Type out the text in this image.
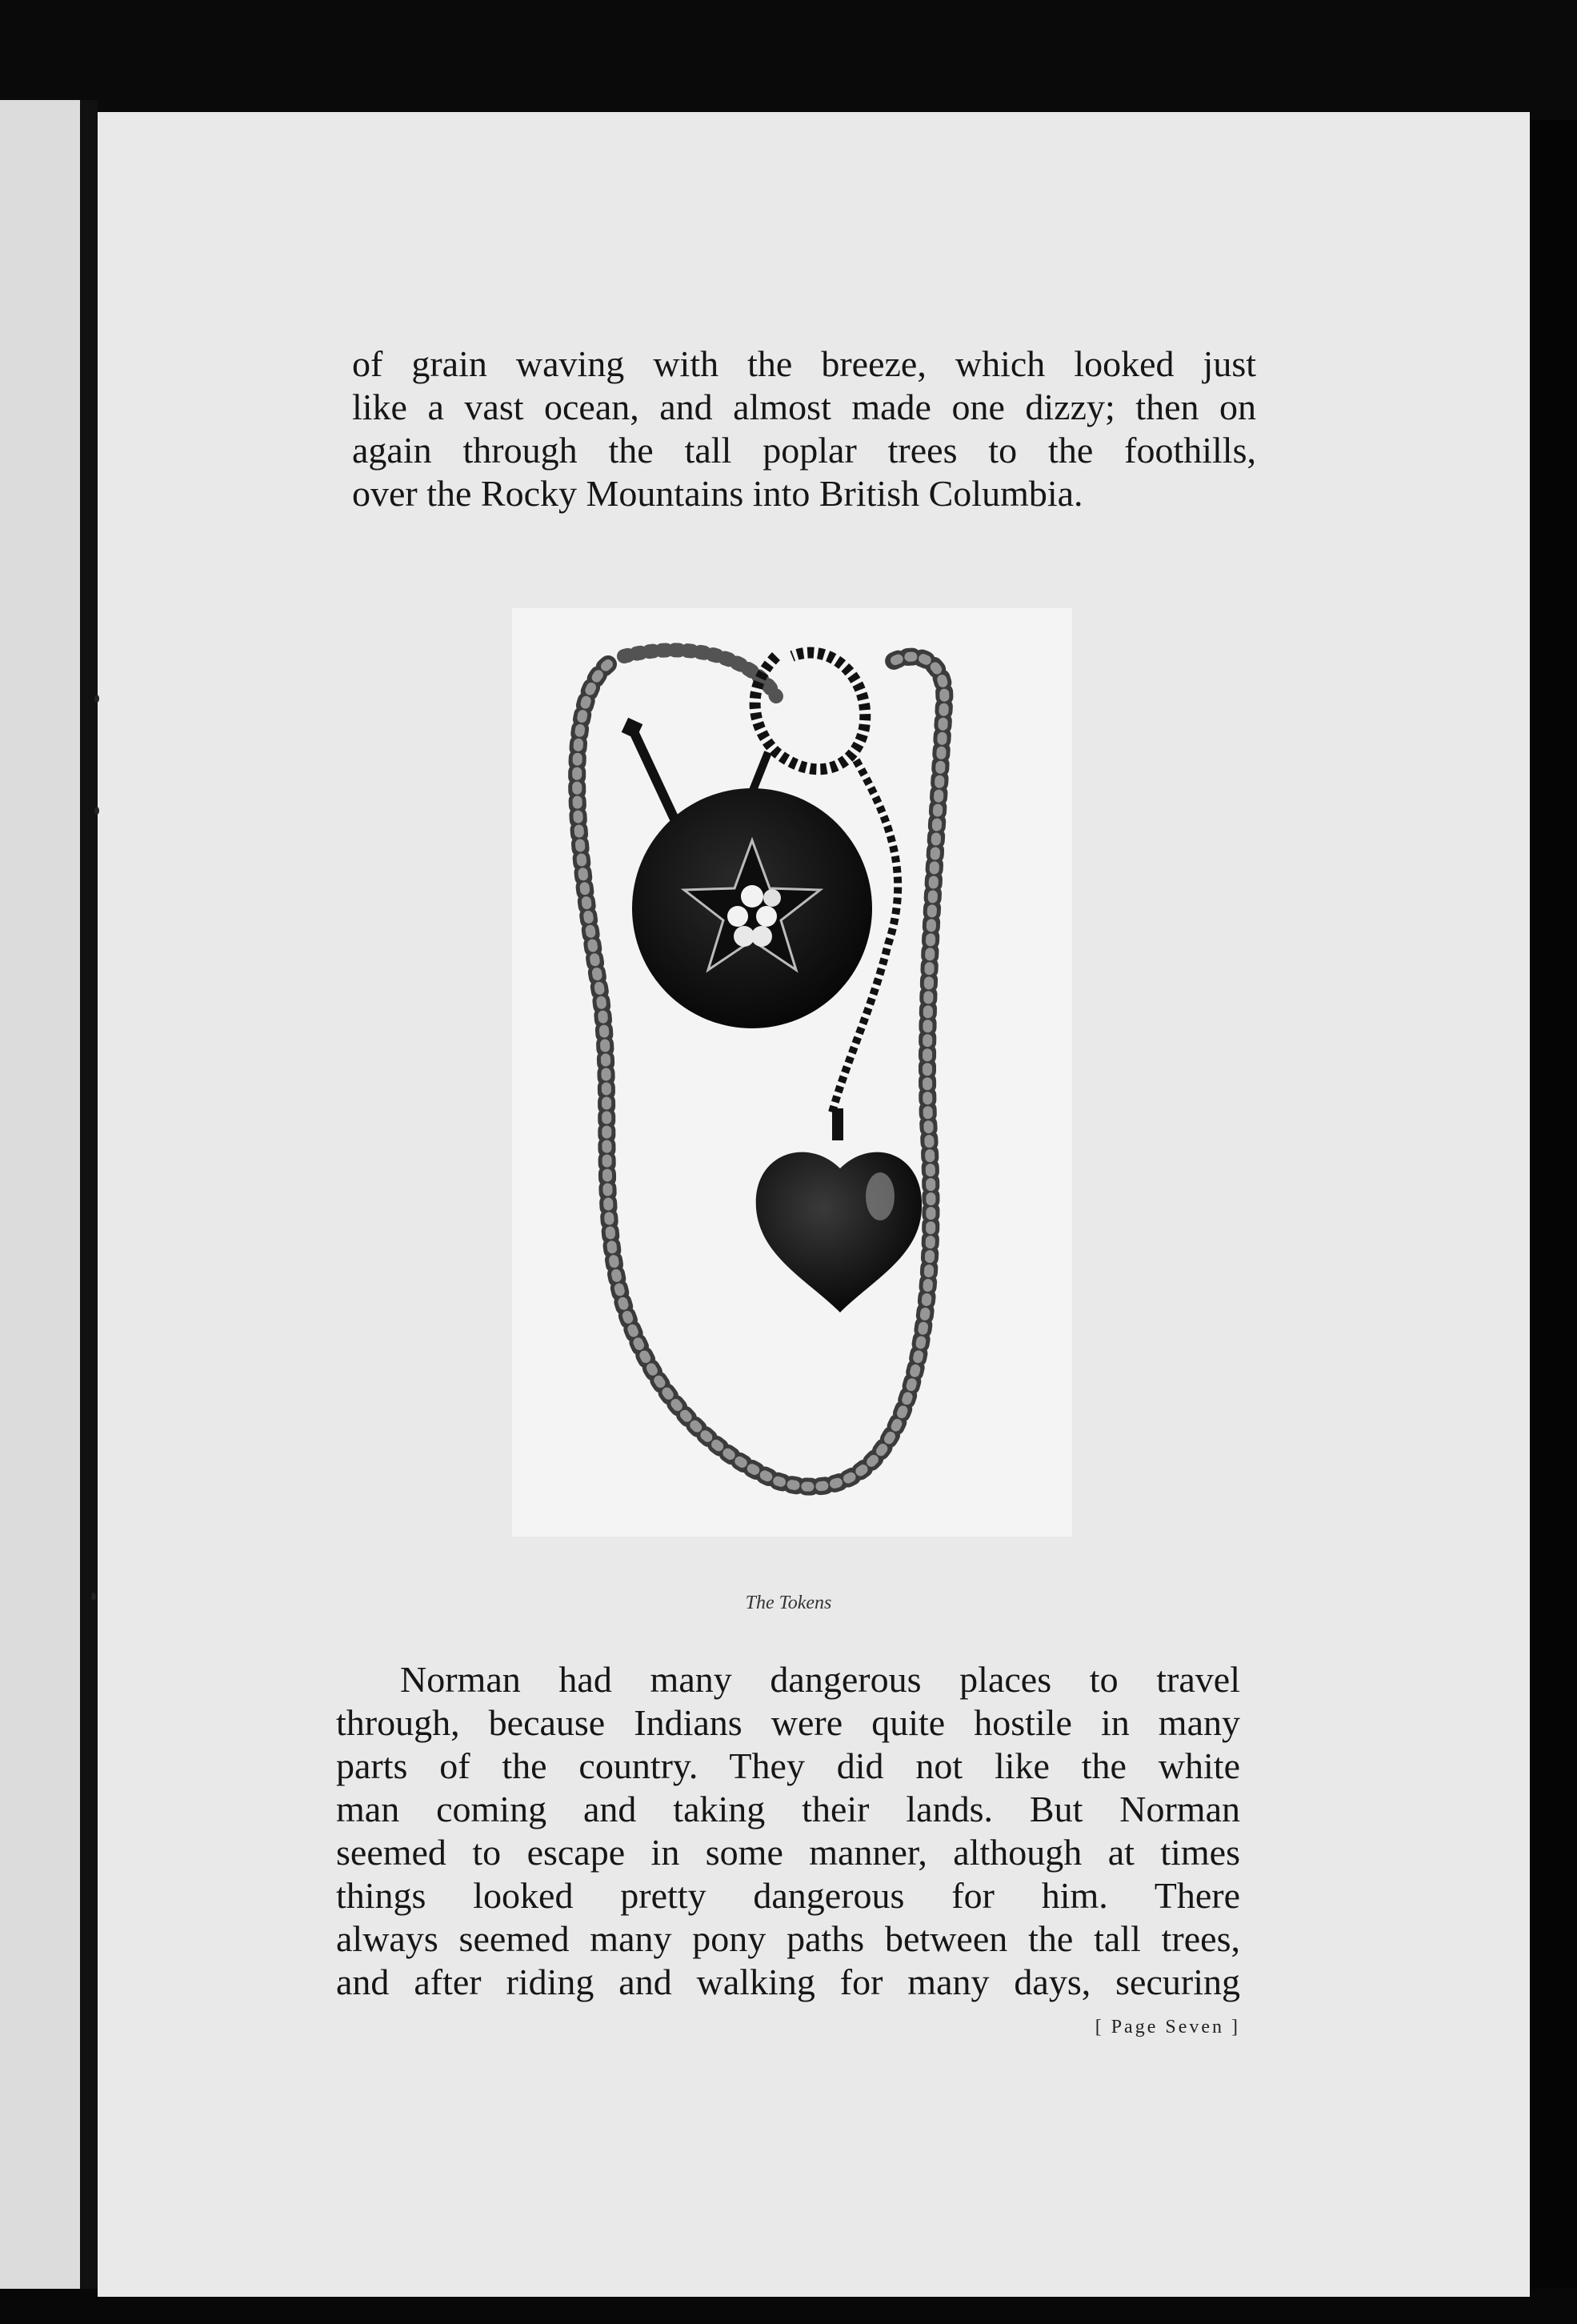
of grain waving with the breeze, which looked just
like a vast ocean, and almost made one dizzy; then on
again through the tall poplar trees to the foothills,
over the Rocky Mountains into British Columbia.
The Tokens
Norman had many dangerous places to travel
through, because Indians were quite hostile in many
parts of the country. They did not like the white
man coming and taking their lands. But Norman
seemed to escape in some manner, although at times
things looked pretty dangerous for him. There
always seemed many pony paths between the tall trees,
and after riding and walking for many days, securing
[ Page Seven ]
